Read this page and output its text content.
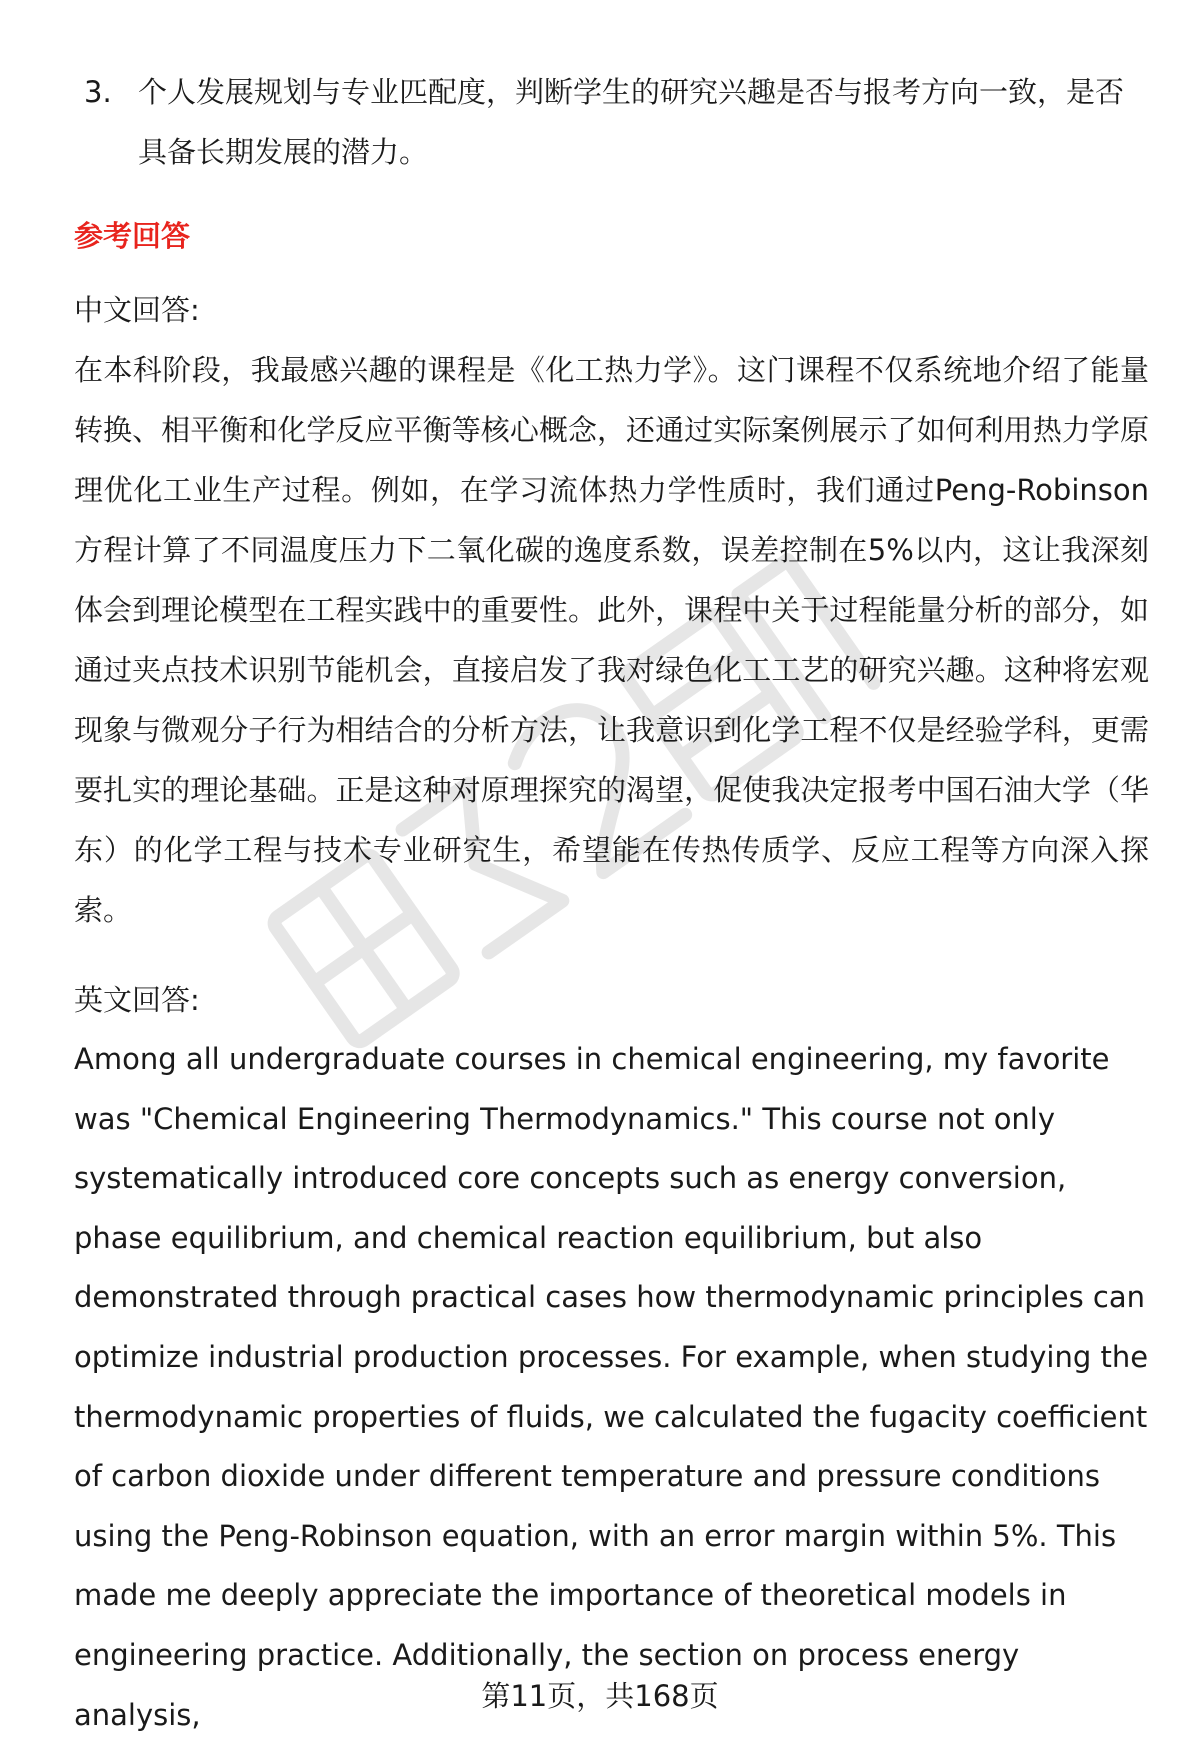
3. 个人发展规划与专业匹配度，判断学生的研究兴趣是否与报考方向一致，是否具备长期发展的潜力。
参考回答
中文回答:
在本科阶段，我最感兴趣的课程是《化工热力学》。这门课程不仅系统地介绍了能量转换、相平衡和化学反应平衡等核心概念，还通过实际案例展示了如何利用热力学原理优化工业生产过程。例如，在学习流体热力学性质时，我们通过Peng-Robinson方程计算了不同温度压力下二氧化碳的逸度系数，误差控制在5%以内，这让我深刻体会到理论模型在工程实践中的重要性。此外，课程中关于过程能量分析的部分，如通过夹点技术识别节能机会，直接启发了我对绿色化工工艺的研究兴趣。这种将宏观现象与微观分子行为相结合的分析方法，让我意识到化学工程不仅是经验学科，更需要扎实的理论基础。正是这种对原理探究的渴望，促使我决定报考中国石油大学（华东）的化学工程与技术专业研究生，希望能在传热传质学、反应工程等方向深入探索。
英文回答:
Among all undergraduate courses in chemical engineering, my favorite was "Chemical Engineering Thermodynamics." This course not only systematically introduced core concepts such as energy conversion, phase equilibrium, and chemical reaction equilibrium, but also demonstrated through practical cases how thermodynamic principles can optimize industrial production processes. For example, when studying the thermodynamic properties of fluids, we calculated the fugacity coefficient of carbon dioxide under different temperature and pressure conditions using the Peng-Robinson equation, with an error margin within 5%. This made me deeply appreciate the importance of theoretical models in engineering practice. Additionally, the section on process energy analysis,
第11页，共168页
